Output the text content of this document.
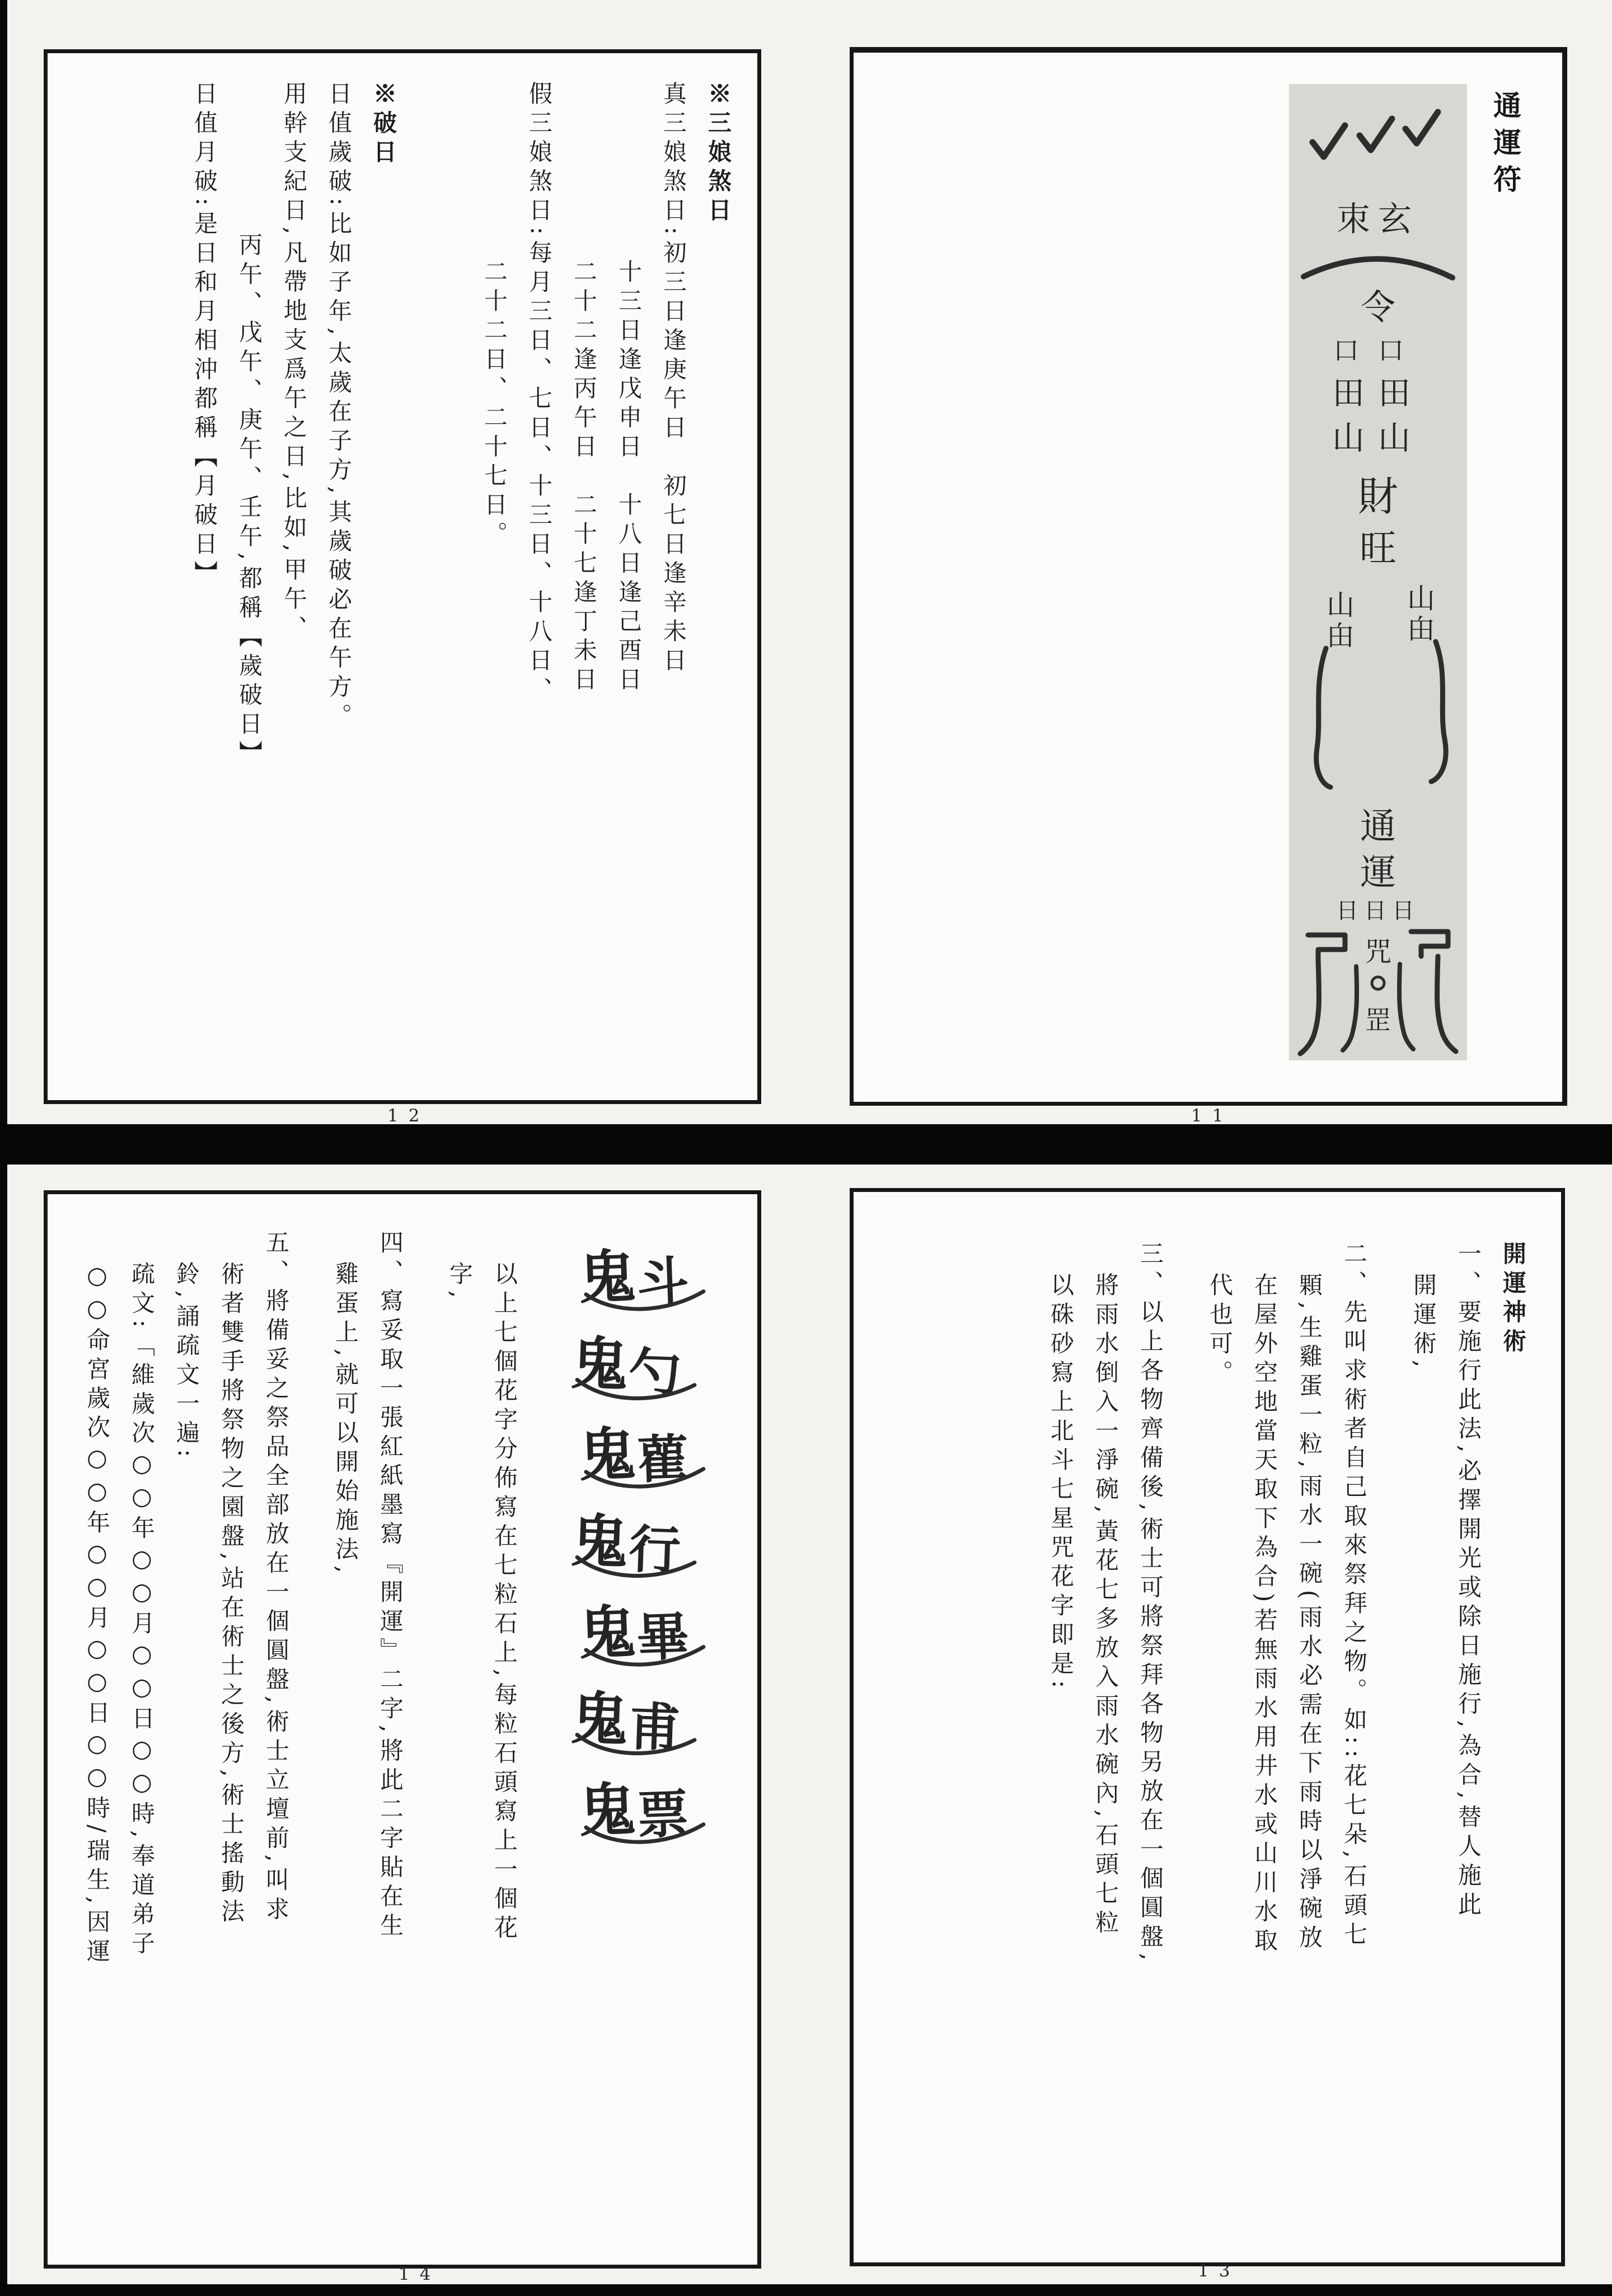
※三娘煞日

真三娘煞日:初三日逢庚午日　初七日逢辛未日

十三日逢戊申日　十八日逢己酉日

二十二逢丙午日　二十七逢丁未日

假三娘煞日:每月三日、七日、十三日、十八日、

二十二日、二十七日。

※破日

日值歲破:比如子年,太歲在子方,其歲破必在午方。

用幹支紀日,凡帶地支爲午之日,比如,甲午、

丙午、戊午、庚午、壬午,都稱【歲破日】

日值月破:是日和月相沖都稱【月破日】

12
通運符
朿玄
令
口口
田田
山山
財
旺
山 山
甶 甶
通
運
日日日
咒
罡
11
鬼
斗
鬼
勺
鬼
雚
鬼
行
鬼
畢
鬼
甫
鬼
票

以上七個花字分佈寫在七粒石上,每粒石頭寫上一個花

字,

四、寫妥取一張紅紙墨寫『開運』二字,將此二字貼在生

雞蛋上,就可以開始施法,

五、將備妥之祭品全部放在一個圓盤,術士立壇前,叫求

術者雙手將祭物之園盤,站在術士之後方,術士搖動法

鈴,誦疏文一遍:

疏文:「維歲次○○年○○月○○日○○時,奉道弟子

○○命宮歲次○○年○○月○○日○○時/瑞生,因運

14

開運神術

一、要施行此法,必擇開光或除日施行,為合,替人施此

開運術,

二、先叫求術者自己取來祭拜之物。如::花七朵,石頭七

顆,生雞蛋一粒,雨水一碗(雨水必需在下雨時以淨碗放

在屋外空地當天取下為合)若無雨水用井水或山川水取

代也可。

三、以上各物齊備後,術士可將祭拜各物另放在一個圓盤,

將雨水倒入一淨碗,黃花七多放入雨水碗內,石頭七粒

以硃砂寫上北斗七星咒花字即是:

13
